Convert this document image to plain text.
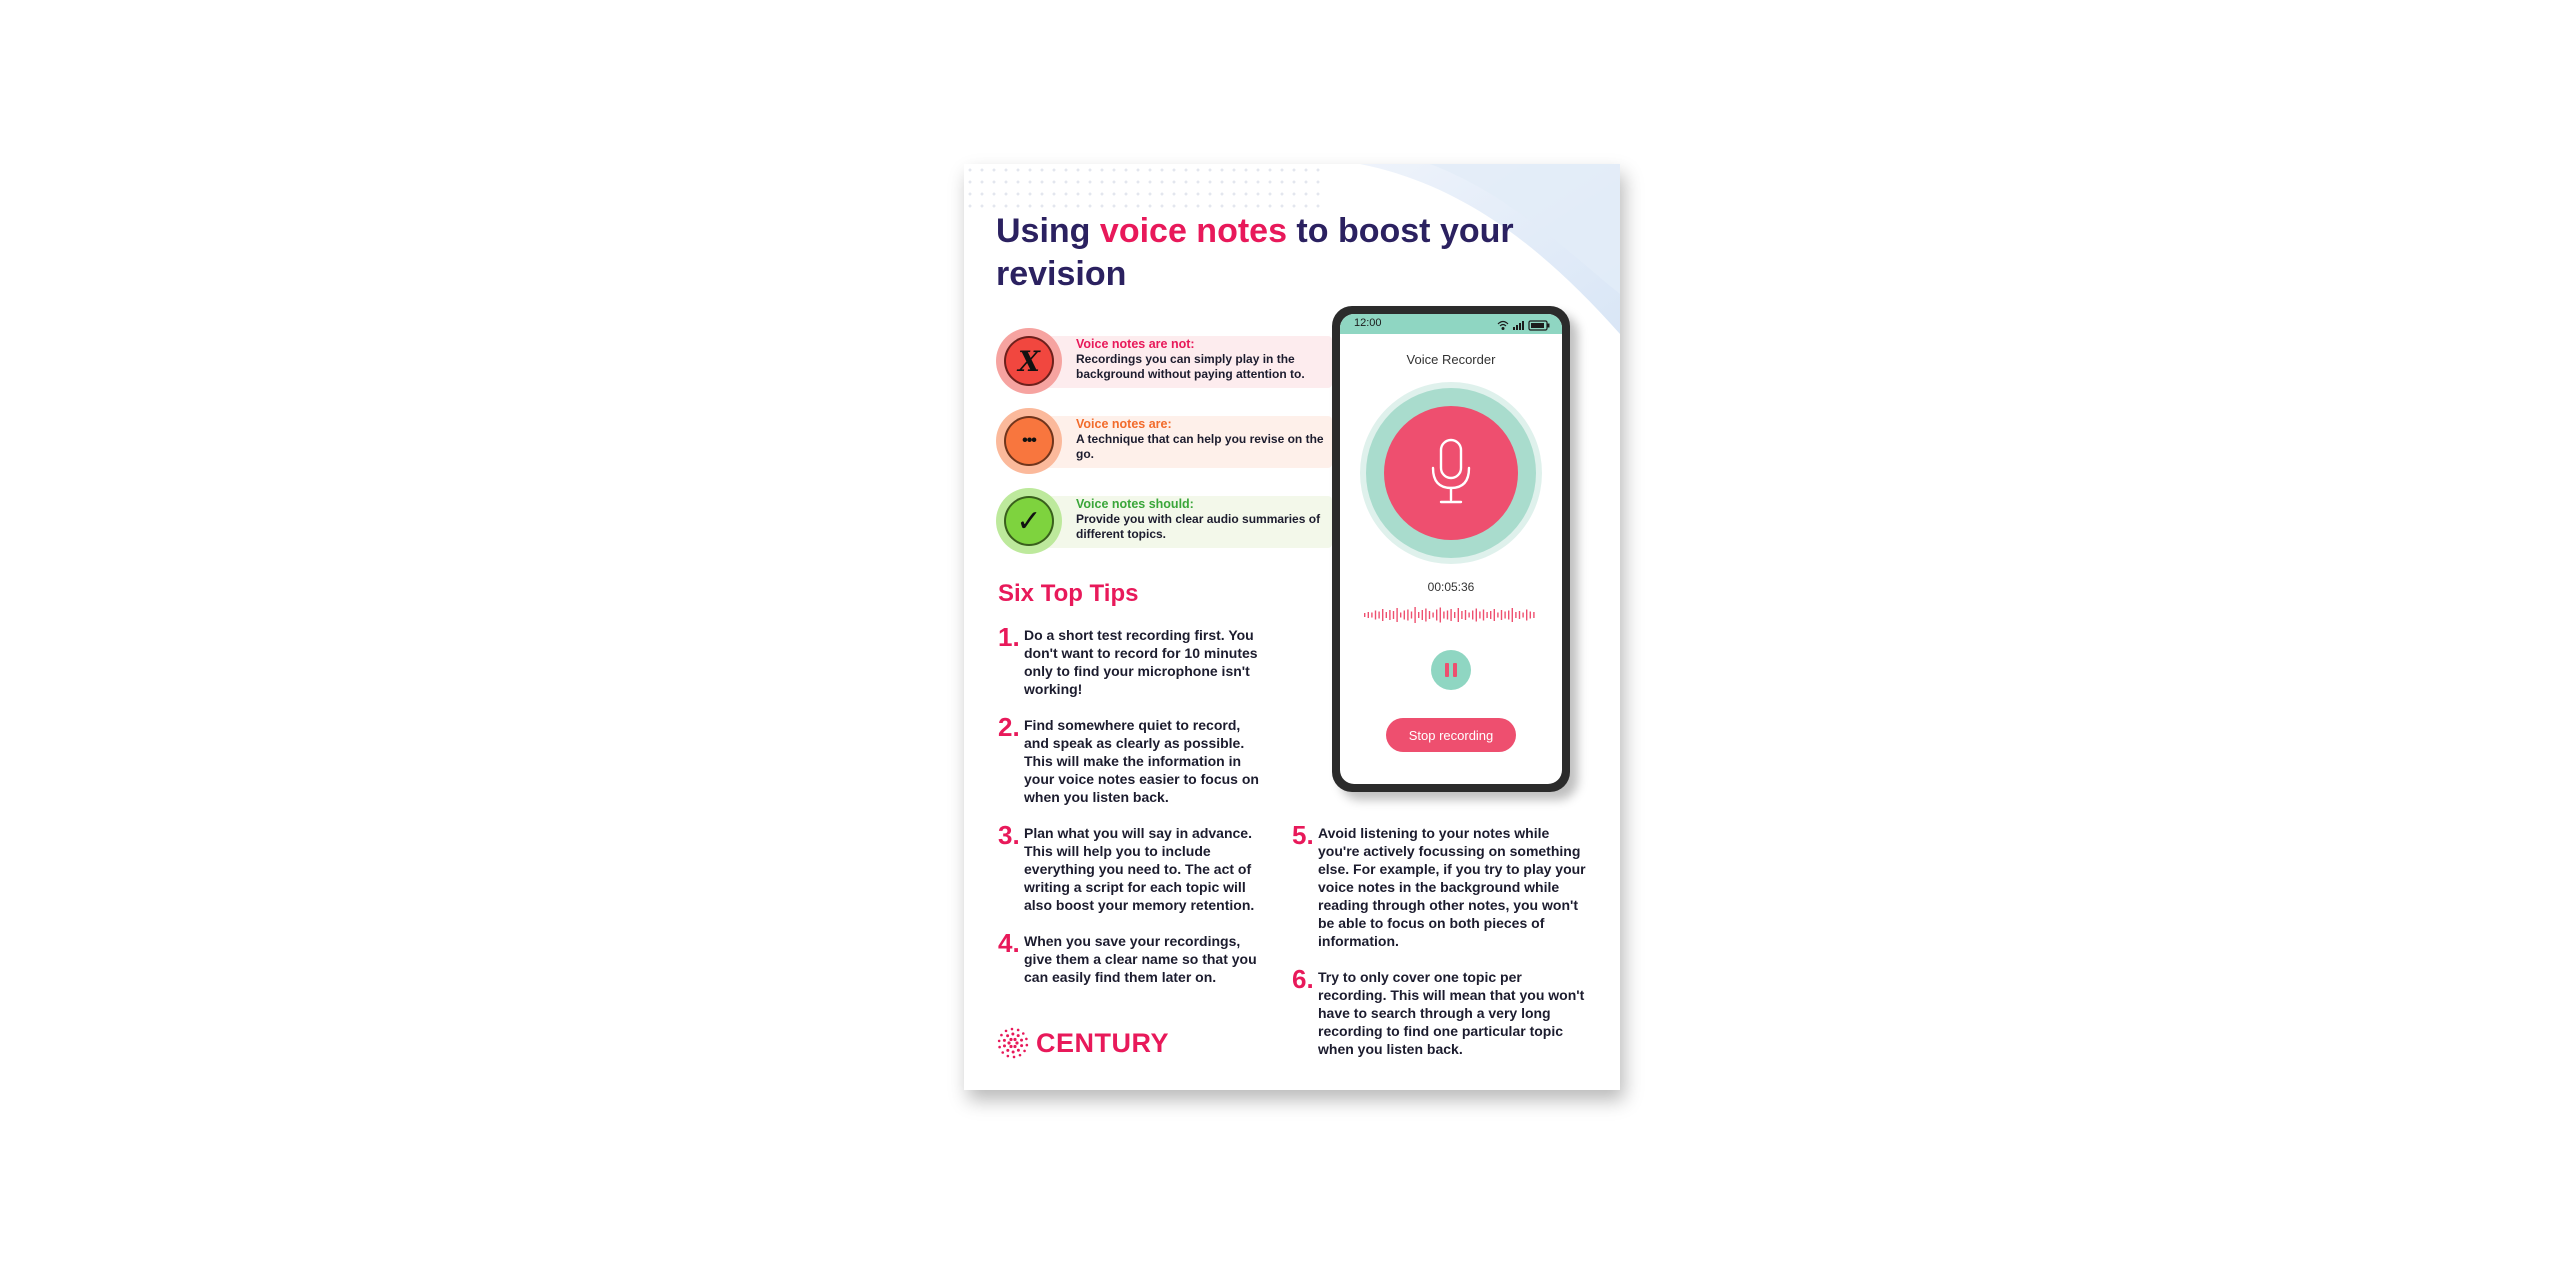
Using voice notes to boost your revision
X
Voice notes are not:
Recordings you can simply play in the background without paying attention to.
•••
Voice notes are:
A technique that can help you revise on the go.
✓	Voice notes should:
Provide you with clear audio summaries of different topics.
Six Top Tips
1. Do a short test recording first. You don't want to record for 10 minutes only to find your microphone isn't working!
2. Find somewhere quiet to record, and speak as clearly as possible. This will make the information in your voice notes easier to focus on when you listen back.
3. Plan what you will say in advance. This will help you to include everything you need to. The act of writing a script for each topic will also boost your memory retention.
4. When you save your recordings, give them a clear name so that you can easily find them later on.
5. Avoid listening to your notes while you're actively focussing on something else. For example, if you try to play your voice notes in the background while reading through other notes, you won't be able to focus on both pieces of information.
6. Try to only cover one topic per recording. This will mean that you won't have to search through a very long recording to find one particular topic when you listen back.
12:00
Voice Recorder
00:05:36
Stop recording
CENTURY
